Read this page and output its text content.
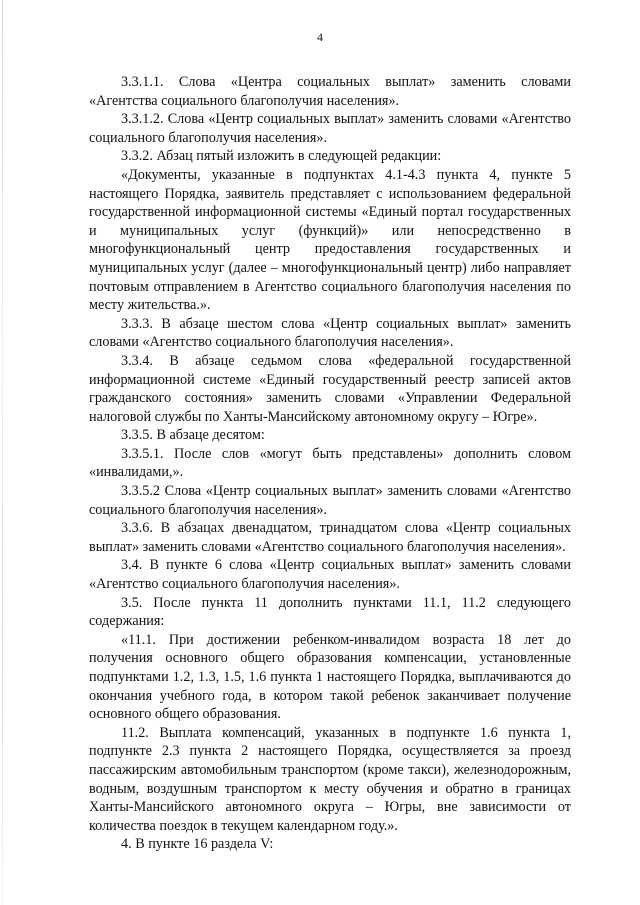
4

3.3.1.1. Слова «Центра социальных выплат» заменить словами «Агентства социального благополучия населения».

3.3.1.2. Слова «Центр социальных выплат» заменить словами «Агентство социального благополучия населения».

3.3.2. Абзац пятый изложить в следующей редакции:

«Документы, указанные в подпунктах 4.1-4.3 пункта 4, пункте 5 настоящего Порядка, заявитель представляет с использованием федеральной государственной информационной системы «Единый портал государственных и муниципальных услуг (функций)» или непосредственно в многофункциональный центр предоставления государственных и муниципальных услуг (далее – многофункциональный центр) либо направляет почтовым отправлением в Агентство социального благополучия населения по месту жительства.».

3.3.3. В абзаце шестом слова «Центр социальных выплат» заменить словами «Агентство социального благополучия населения».

3.3.4. В абзаце седьмом слова «федеральной государственной информационной системе «Единый государственный реестр записей актов гражданского состояния» заменить словами «Управлении Федеральной налоговой службы по Ханты-Мансийскому автономному округу – Югре».

3.3.5. В абзаце десятом:

3.3.5.1. После слов «могут быть представлены» дополнить словом «инвалидами,».

3.3.5.2 Слова «Центр социальных выплат» заменить словами «Агентство социального благополучия населения».

3.3.6. В абзацах двенадцатом, тринадцатом слова «Центр социальных выплат» заменить словами «Агентство социального благополучия населения».

3.4. В пункте 6 слова «Центр социальных выплат» заменить словами «Агентство социального благополучия населения».

3.5. После пункта 11 дополнить пунктами 11.1, 11.2 следующего содержания:

«11.1. При достижении ребенком-инвалидом возраста 18 лет до получения основного общего образования компенсации, установленные подпунктами 1.2, 1.3, 1.5, 1.6 пункта 1 настоящего Порядка, выплачиваются до окончания учебного года, в котором такой ребенок заканчивает получение основного общего образования.

11.2. Выплата компенсаций, указанных в подпункте 1.6 пункта 1, подпункте 2.3 пункта 2 настоящего Порядка, осуществляется за проезд пассажирским автомобильным транспортом (кроме такси), железнодорожным, водным, воздушным транспортом к месту обучения и обратно в границах Ханты-Мансийского автономного округа – Югры, вне зависимости от количества поездок в текущем календарном году.».

4. В пункте 16 раздела V:
